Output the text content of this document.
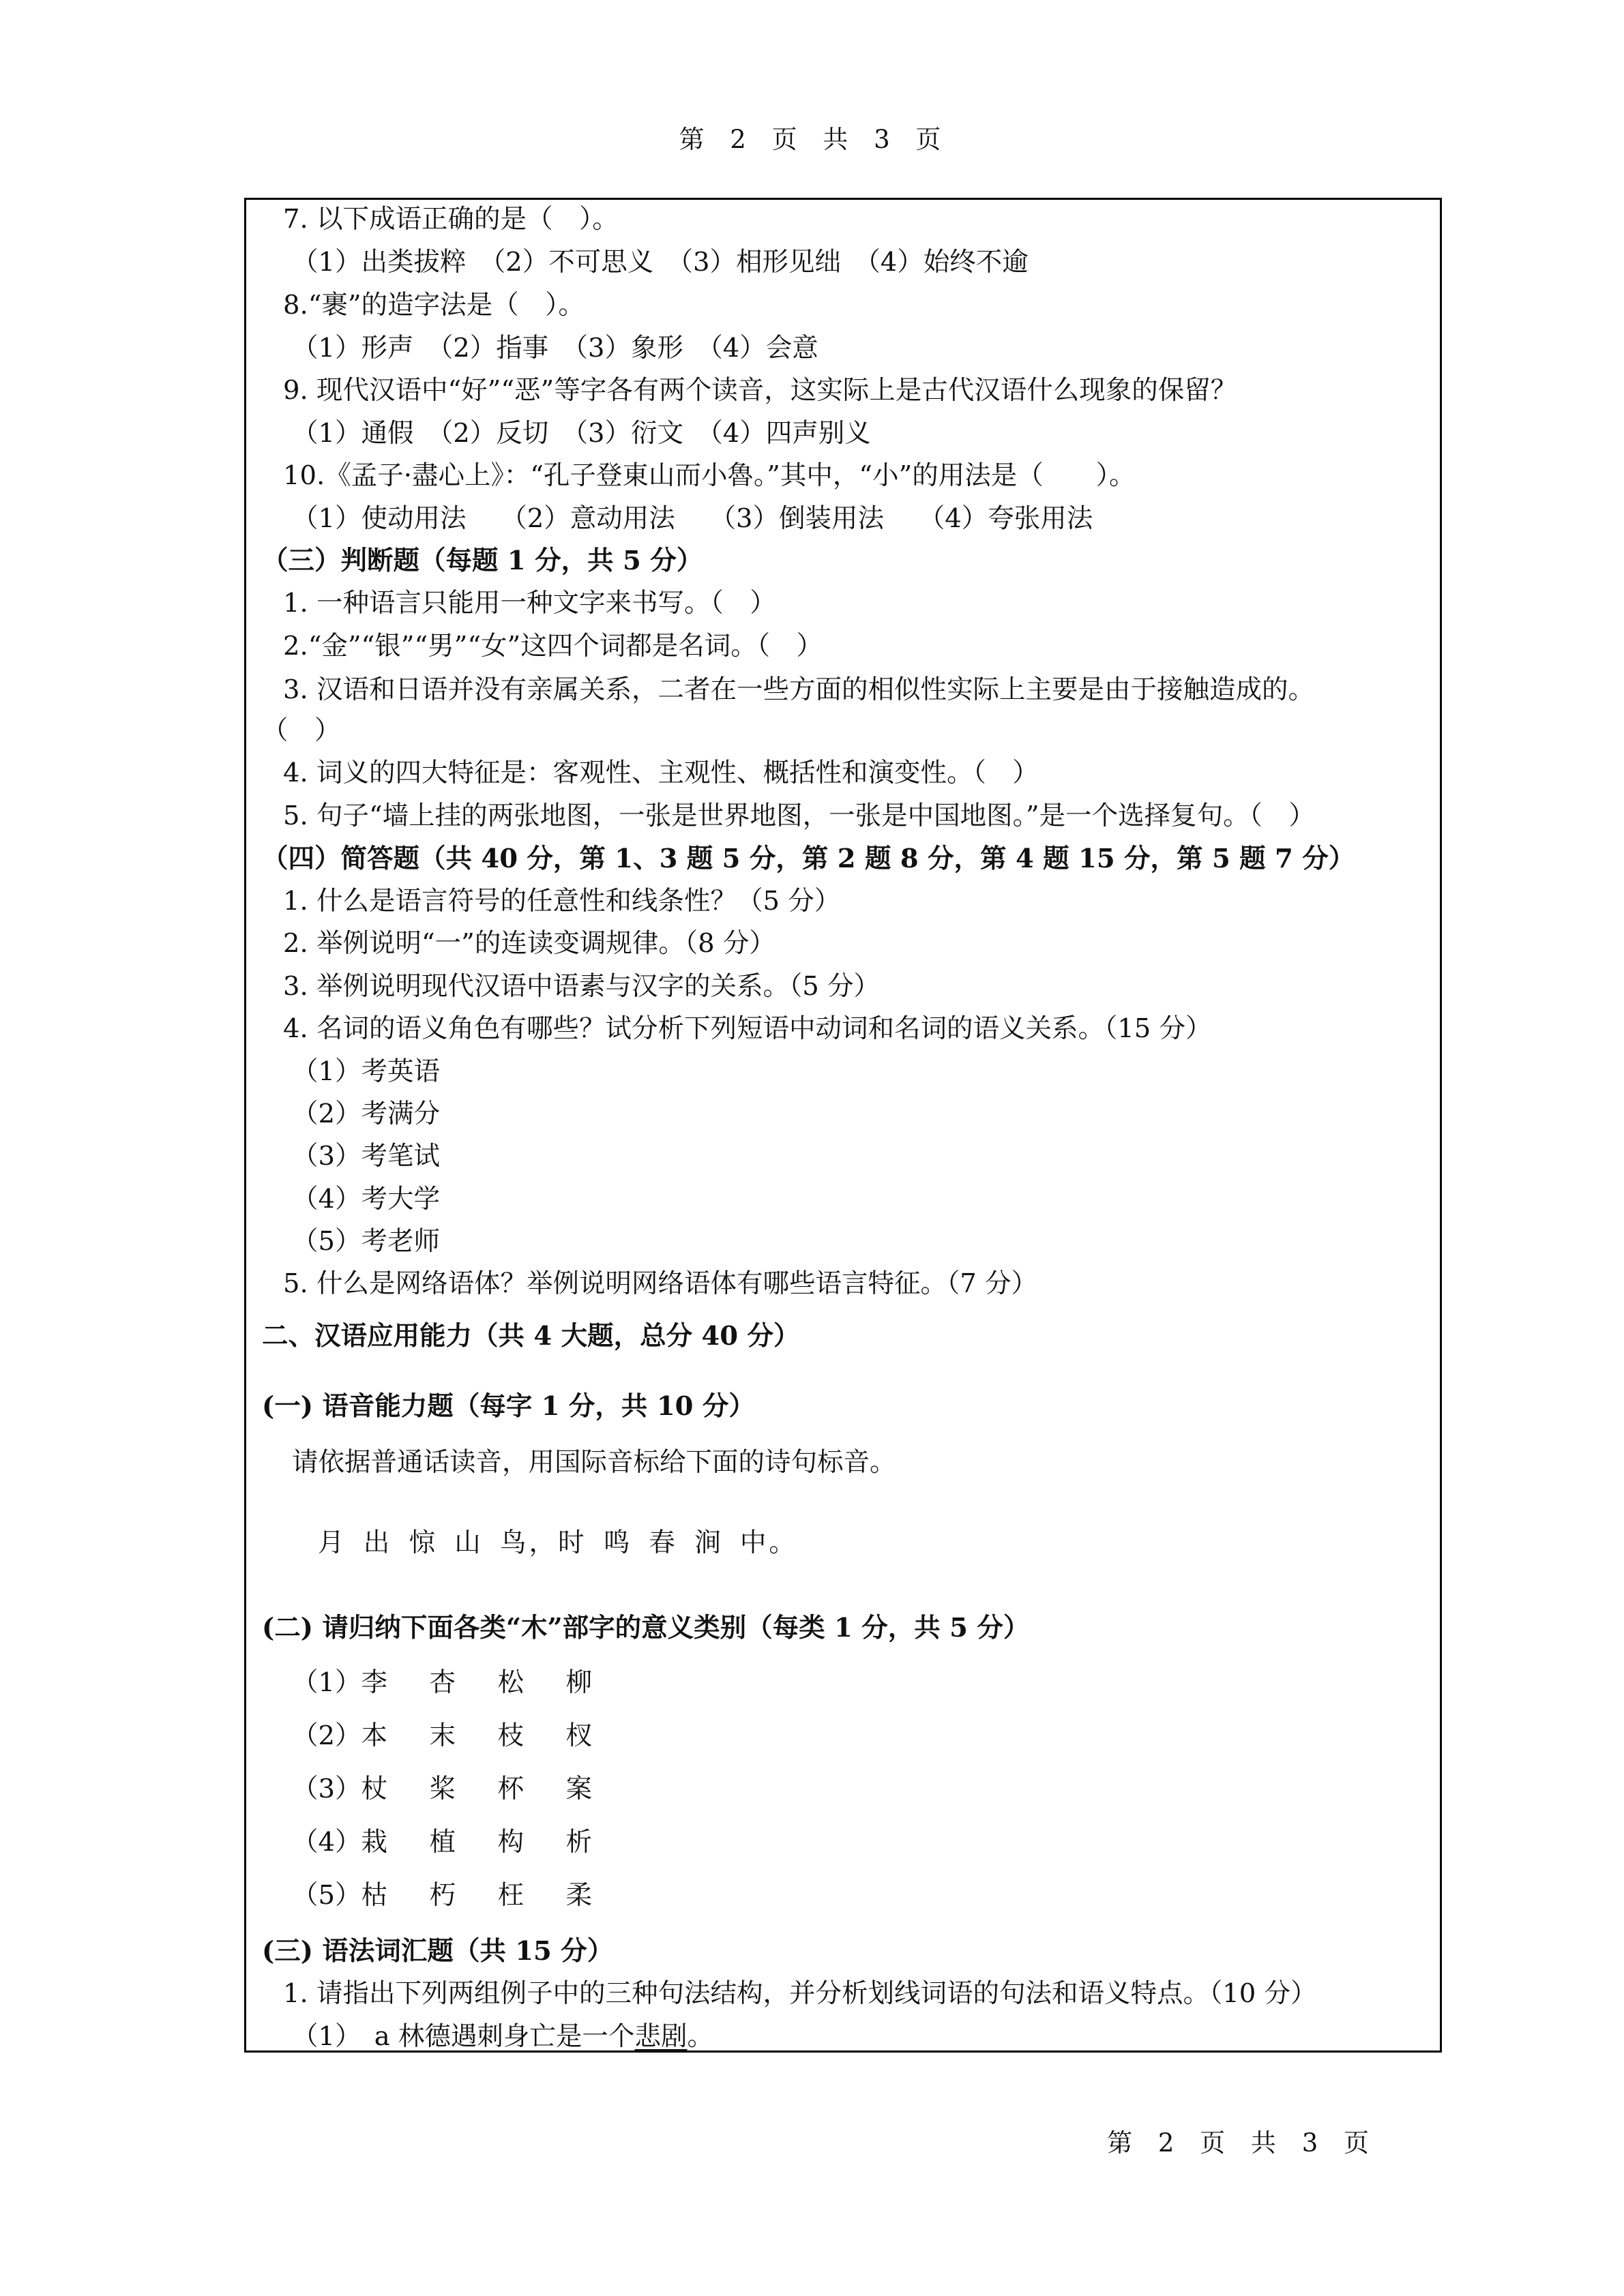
第 2 页 共 3 页
7. 以下成语正确的是（　）。
（1）出类拔粹　（2）不可思义　（3）相形见绌　（4）始终不逾
8.“裹”的造字法是（　）。
（1）形声　（2）指事　（3）象形　（4）会意
9. 现代汉语中“好”“恶”等字各有两个读音，这实际上是古代汉语什么现象的保留？
（1）通假　（2）反切　（3）衍文　（4）四声别义
10.《孟子·盡心上》：“孔子登東山而小魯。”其中，“小”的用法是（　　）。
（1）使动用法　 （2）意动用法　 （3）倒装用法　 （4）夸张用法
（三）判断题（每题 1 分，共 5 分）
1. 一种语言只能用一种文字来书写。（　）
2.“金”“银”“男”“女”这四个词都是名词。（　）
3. 汉语和日语并没有亲属关系，二者在一些方面的相似性实际上主要是由于接触造成的。
（　）
4. 词义的四大特征是：客观性、主观性、概括性和演变性。（　）
5. 句子“墙上挂的两张地图，一张是世界地图，一张是中国地图。”是一个选择复句。（　）
（四）简答题（共 40 分，第 1、3 题 5 分，第 2 题 8 分，第 4 题 15 分，第 5 题 7 分）
1. 什么是语言符号的任意性和线条性？（5 分）
2. 举例说明“一”的连读变调规律。（8 分）
3. 举例说明现代汉语中语素与汉字的关系。（5 分）
4. 名词的语义角色有哪些？试分析下列短语中动词和名词的语义关系。（15 分）
（1）考英语
（2）考满分
（3）考笔试
（4）考大学
（5）考老师
5. 什么是网络语体？举例说明网络语体有哪些语言特征。（7 分）
二、汉语应用能力（共 4 大题，总分 40 分）
(一) 语音能力题（每字 1 分，共 10 分）
请依据普通话读音，用国际音标给下面的诗句标音。
月 出 惊 山 鸟，时 鸣 春 涧 中。
(二) 请归纳下面各类“木”部字的意义类别（每类 1 分，共 5 分）
（1）李 杏 松 柳
（2）本 末 枝 杈
（3）杖 桨 杯 案
（4）栽 植 构 析
（5）枯 朽 枉 柔
(三) 语法词汇题（共 15 分）
1. 请指出下列两组例子中的三种句法结构，并分析划线词语的句法和语义特点。（10 分）
（1）　a 林德遇刺身亡是一个悲剧。
第 2 页 共 3 页
